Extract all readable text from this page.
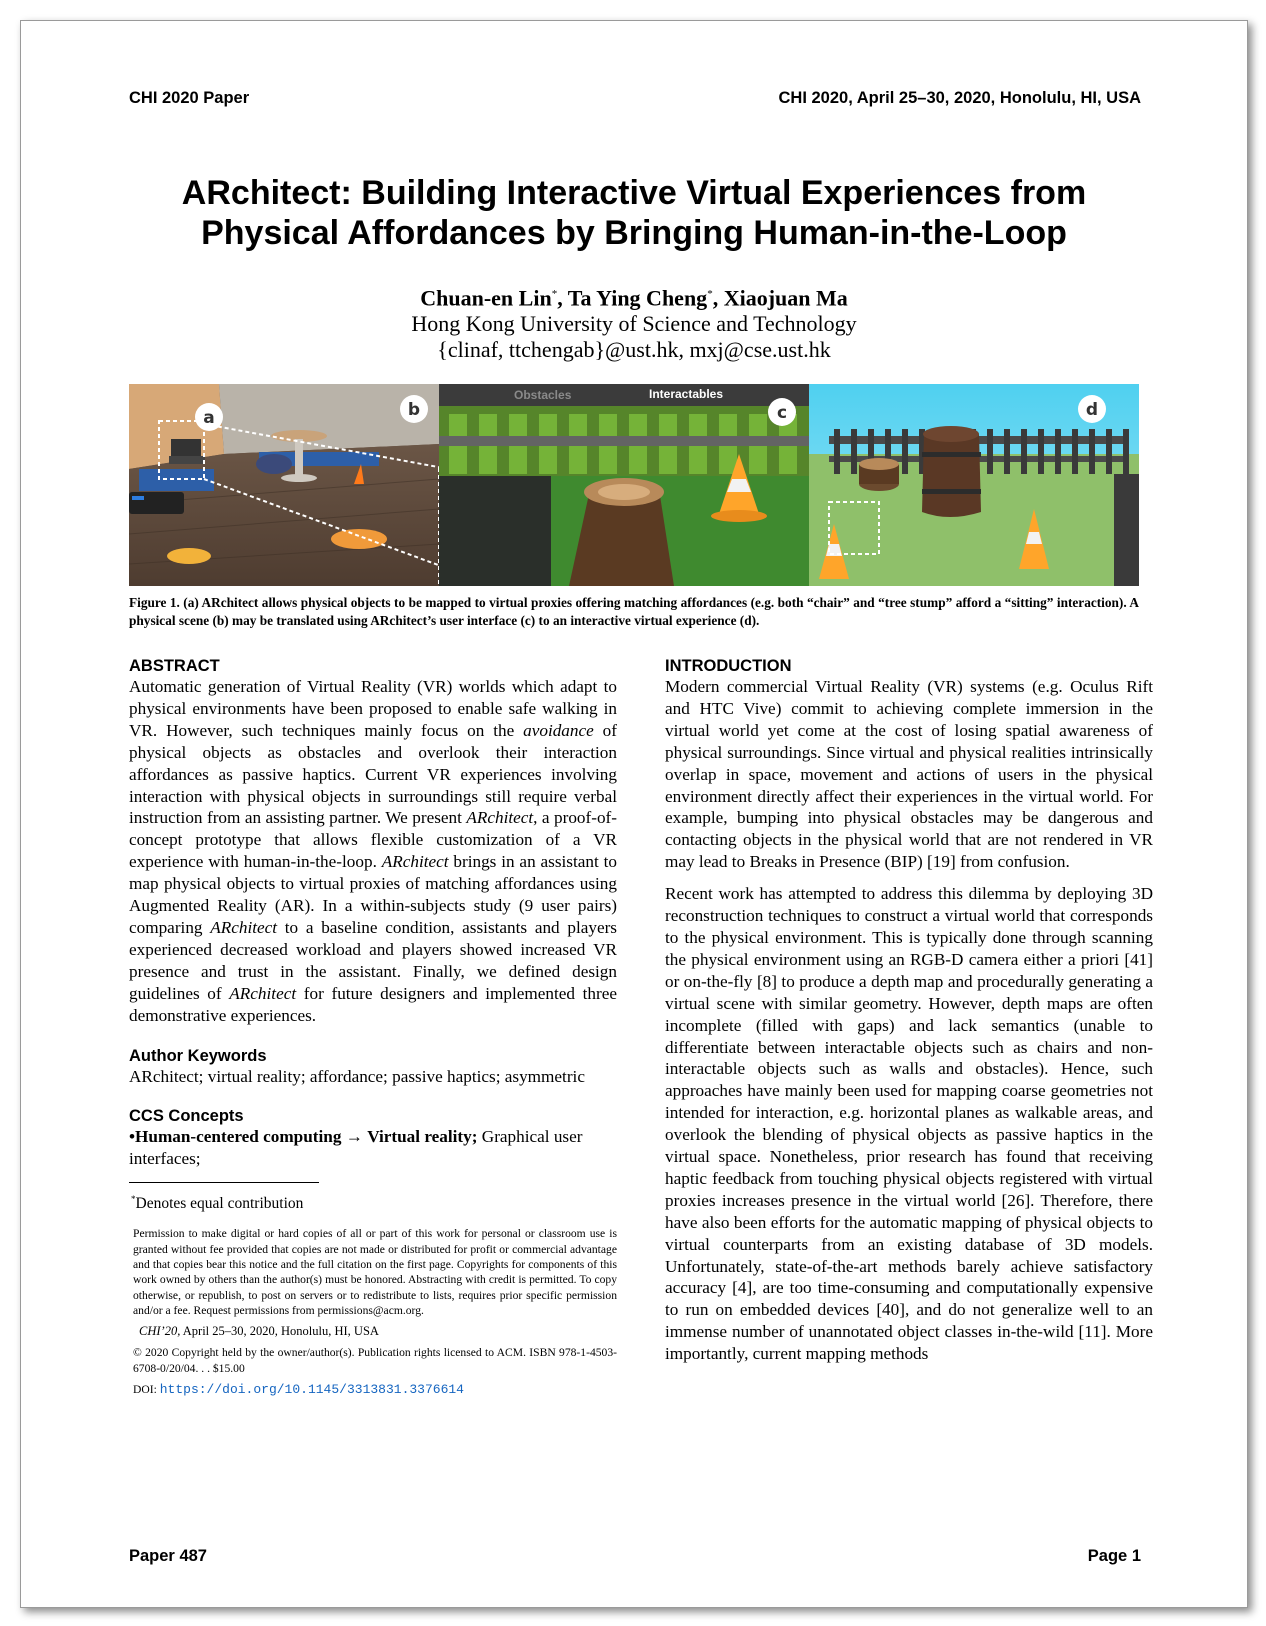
CHI 2020 Paper	CHI 2020, April 25–30, 2020, Honolulu, HI, USA
ARchitect: Building Interactive Virtual Experiences from
Physical Affordances by Bringing Human-in-the-Loop
Chuan-en Lin*, Ta Ying Cheng*, Xiaojuan Ma
Hong Kong University of Science and Technology
{clinaf, ttchengab}@ust.hk, mxj@cse.ust.hk
Obstacles	Interactables
a	b	c	d
Figure 1. (a) ARchitect allows physical objects to be mapped to virtual proxies offering matching affordances (e.g. both “chair” and “tree stump” afford a “sitting” interaction). A physical scene (b) may be translated using ARchitect’s user interface (c) to an interactive virtual experience (d).
ABSTRACT

Automatic generation of Virtual Reality (VR) worlds which adapt to physical environments have been proposed to enable safe walking in VR. However, such techniques mainly focus on the avoidance of physical objects as obstacles and overlook their interaction affordances as passive haptics. Current VR experiences involving interaction with physical objects in surroundings still require verbal instruction from an assisting partner. We present ARchitect, a proof-of-concept prototype that allows flexible customization of a VR experience with human-in-the-loop. ARchitect brings in an assistant to map physical objects to virtual proxies of matching affordances using Augmented Reality (AR). In a within-subjects study (9 user pairs) comparing ARchitect to a baseline condition, assistants and players experienced decreased workload and players showed increased VR presence and trust in the assistant. Finally, we defined design guidelines of ARchitect for future designers and implemented three demonstrative experiences.

Author Keywords

ARchitect; virtual reality; affordance; passive haptics; asymmetric

CCS Concepts

•Human-centered computing → Virtual reality; Graphical user interfaces;

*Denotes equal contribution

Permission to make digital or hard copies of all or part of this work for personal or classroom use is granted without fee provided that copies are not made or distributed for profit or commercial advantage and that copies bear this notice and the full citation on the first page. Copyrights for components of this work owned by others than the author(s) must be honored. Abstracting with credit is permitted. To copy otherwise, or republish, to post on servers or to redistribute to lists, requires prior specific permission and/or a fee. Request permissions from permissions@acm.org.

CHI’20, April 25–30, 2020, Honolulu, HI, USA

© 2020 Copyright held by the owner/author(s). Publication rights licensed to ACM. ISBN 978-1-4503-6708-0/20/04. . . $15.00

DOI: https://doi.org/10.1145/3313831.3376614

INTRODUCTION

Modern commercial Virtual Reality (VR) systems (e.g. Oculus Rift and HTC Vive) commit to achieving complete immersion in the virtual world yet come at the cost of losing spatial awareness of physical surroundings. Since virtual and physical realities intrinsically overlap in space, movement and actions of users in the physical environment directly affect their experiences in the virtual world. For example, bumping into physical obstacles may be dangerous and contacting objects in the physical world that are not rendered in VR may lead to Breaks in Presence (BIP) [19] from confusion.

Recent work has attempted to address this dilemma by deploying 3D reconstruction techniques to construct a virtual world that corresponds to the physical environment. This is typically done through scanning the physical environment using an RGB-D camera either a priori [41] or on-the-fly [8] to produce a depth map and procedurally generating a virtual scene with similar geometry. However, depth maps are often incomplete (filled with gaps) and lack semantics (unable to differentiate between interactable objects such as chairs and non-interactable objects such as walls and obstacles). Hence, such approaches have mainly been used for mapping coarse geometries not intended for interaction, e.g. horizontal planes as walkable areas, and overlook the blending of physical objects as passive haptics in the virtual space. Nonetheless, prior research has found that receiving haptic feedback from touching physical objects registered with virtual proxies increases presence in the virtual world [26]. Therefore, there have also been efforts for the automatic mapping of physical objects to virtual counterparts from an existing database of 3D models. Unfortunately, state-of-the-art methods barely achieve satisfactory accuracy [4], are too time-consuming and computationally expensive to run on embedded devices [40], and do not generalize well to an immense number of unannotated object classes in-the-wild [11]. More importantly, current mapping methods

Paper 487	Page 1
